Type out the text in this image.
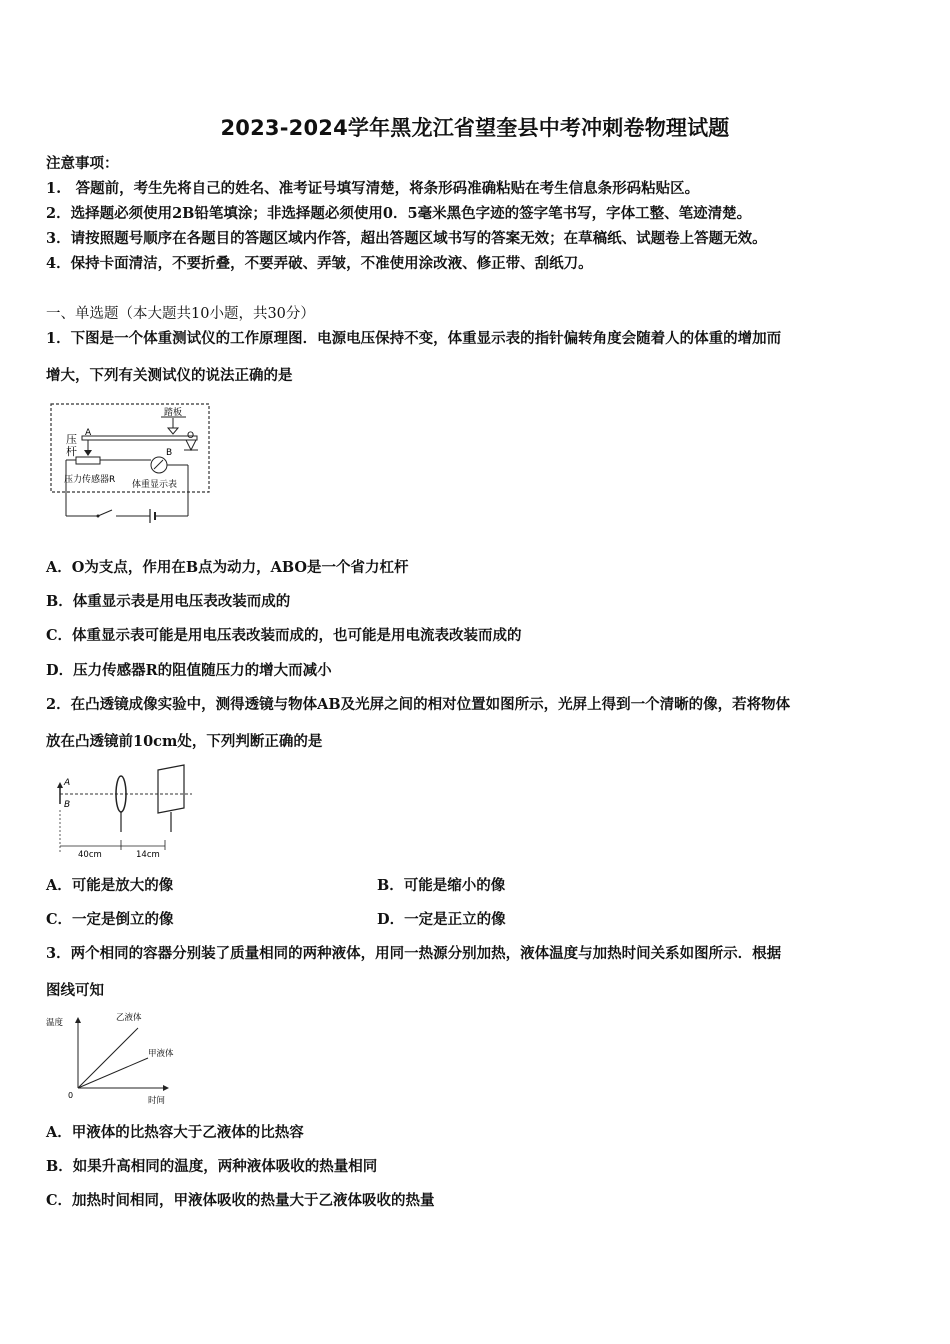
2023-2024学年黑龙江省望奎县中考冲刺卷物理试题
注意事项：
1.　答题前，考生先将自己的姓名、准考证号填写清楚，将条形码准确粘贴在考生信息条形码粘贴区。
2．选择题必须使用2B铅笔填涂；非选择题必须使用0．5毫米黑色字迹的签字笔书写，字体工整、笔迹清楚。
3．请按照题号顺序在各题目的答题区域内作答，超出答题区域书写的答案无效；在草稿纸、试题卷上答题无效。
4．保持卡面清洁，不要折叠，不要弄破、弄皱，不准使用涂改液、修正带、刮纸刀。
一、单选题（本大题共10小题，共30分）
1．下图是一个体重测试仪的工作原理图．电源电压保持不变，体重显示表的指针偏转角度会随着人的体重的增加而
增大，下列有关测试仪的说法正确的是
踏板
O
A
压
杆	B
压力传感器R 体重显示表
A．O为支点，作用在B点为动力，ABO是一个省力杠杆
B．体重显示表是用电压表改装而成的
C．体重显示表可能是用电压表改装而成的，也可能是用电流表改装而成的
D．压力传感器R的阻值随压力的增大而减小
2．在凸透镜成像实验中，测得透镜与物体AB及光屏之间的相对位置如图所示，光屏上得到一个清晰的像，若将物体
放在凸透镜前10cm处，下列判断正确的是
A
B
40cm	14cm
A．可能是放大的像	B．可能是缩小的像
C．一定是倒立的像	D．一定是正立的像
3．两个相同的容器分别装了质量相同的两种液体，用同一热源分别加热，液体温度与加热时间关系如图所示．根据
图线可知
温度
时间
0
乙液体
甲液体
A．甲液体的比热容大于乙液体的比热容
B．如果升高相同的温度，两种液体吸收的热量相同
C．加热时间相同，甲液体吸收的热量大于乙液体吸收的热量
